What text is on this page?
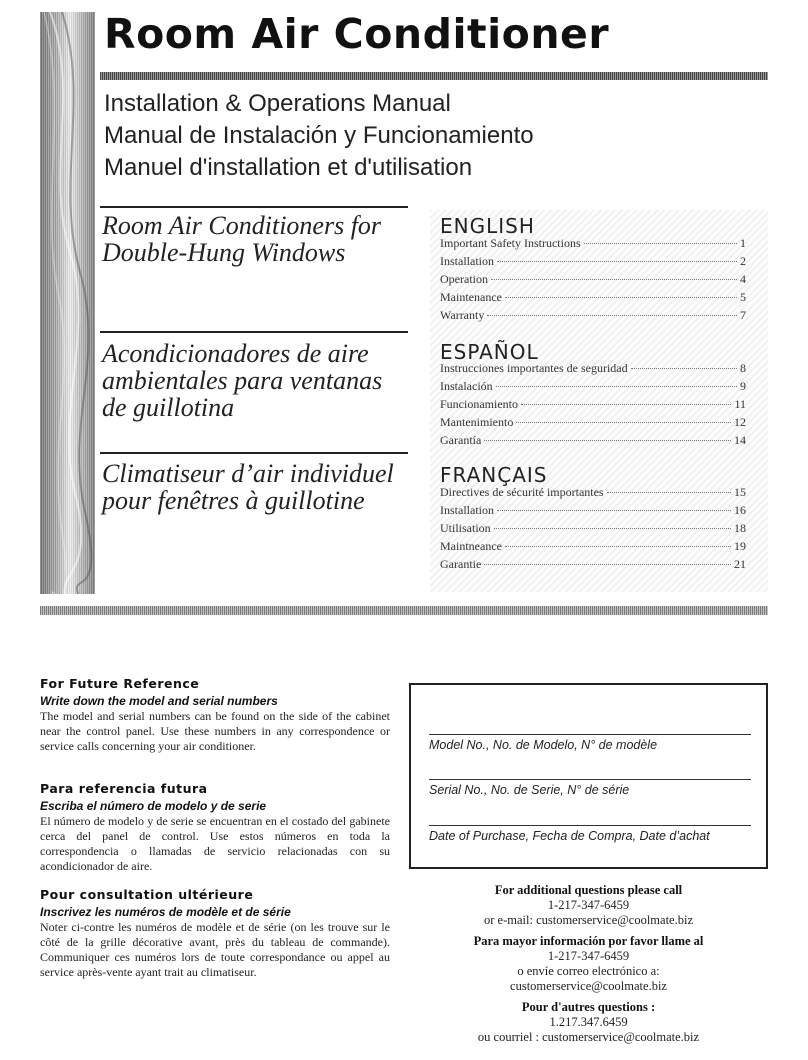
Room Air Conditioner
Installation & Operations Manual
Manual de Instalación y Funcionamiento
Manuel d'installation et d'utilisation
Room Air Conditioners for
Double-Hung Windows
Acondicionadores de aire
ambientales para ventanas
de guillotina
Climatiseur d’air individuel
pour fenêtres à guillotine
ENGLISH
Important Safety Instructions	1
Installation	2
Operation	4
Maintenance	5
Warranty	7
ESPAÑOL
Instrucciones importantes de seguridad	8
Instalación	9
Funcionamiento	11
Mantenimiento	12
Garantía	14
FRANÇAIS
Directives de sécurité importantes	15
Installation	16
Utilisation	18
Maintneance	19
Garantie	21
For Future Reference
Write down the model and serial numbers
The model and serial numbers can be found on the side of the cabinet near the control panel. Use these numbers in any correspondence or service calls concerning your air conditioner.
Para referencia futura
Escriba el número de modelo y de serie
El número de modelo y de serie se encuentran en el costado del gabinete cerca del panel de control. Use estos números en toda la correspondencia o llamadas de servicio relacionadas con su acondicionador de aire.
Pour consultation ultérieure
Inscrivez les numéros de modèle et de série
Noter ci-contre les numéros de modèle et de série (on les trouve sur le côté de la grille décorative avant, près du tableau de commande). Communiquer ces numéros lors de toute correspondance ou appel au service après-vente ayant trait au climatiseur.
Model No., No. de Modelo, N° de modèle
Serial No., No. de Serie, N° de série
Date of Purchase, Fecha de Compra, Date d’achat
For additional questions please call
1-217-347-6459
or e-mail: customerservice@coolmate.biz
Para mayor información por favor llame al
1-217-347-6459
o envíe correo electrónico a:
customerservice@coolmate.biz
Pour d'autres questions :
1.217.347.6459
ou courriel : customerservice@coolmate.biz
